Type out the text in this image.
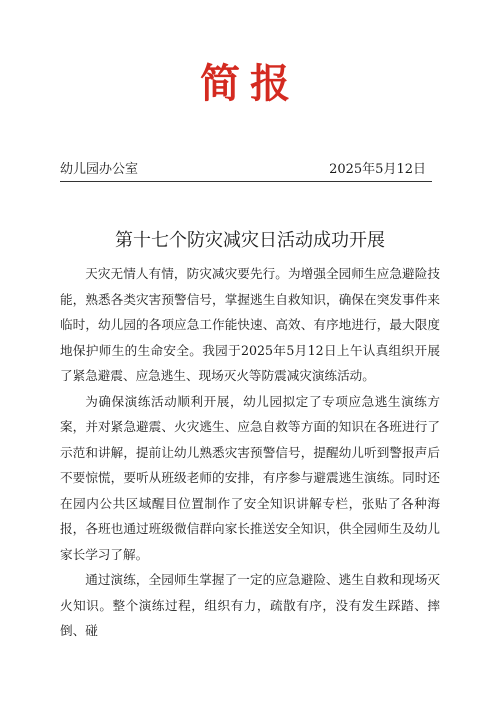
简报
幼儿园办公室	2025年5月12日
第十七个防灾减灾日活动成功开展

天灾无情人有情，防灾减灾要先行。为增强全园师生应急避险技能，熟悉各类灾害预警信号，掌握逃生自救知识，确保在突发事件来临时，幼儿园的各项应急工作能快速、高效、有序地进行，最大限度地保护师生的生命安全。我园于2025年5月12日上午认真组织开展了紧急避震、应急逃生、现场灭火等防震减灾演练活动。

为确保演练活动顺利开展，幼儿园拟定了专项应急逃生演练方案，并对紧急避震、火灾逃生、应急自救等方面的知识在各班进行了示范和讲解，提前让幼儿熟悉灾害预警信号，提醒幼儿听到警报声后不要惊慌，要听从班级老师的安排，有序参与避震逃生演练。同时还在园内公共区域醒目位置制作了安全知识讲解专栏，张贴了各种海报，各班也通过班级微信群向家长推送安全知识，供全园师生及幼儿家长学习了解。

通过演练，全园师生掌握了一定的应急避险、逃生自救和现场灭火知识。整个演练过程，组织有力，疏散有序，没有发生踩踏、摔倒、碰
